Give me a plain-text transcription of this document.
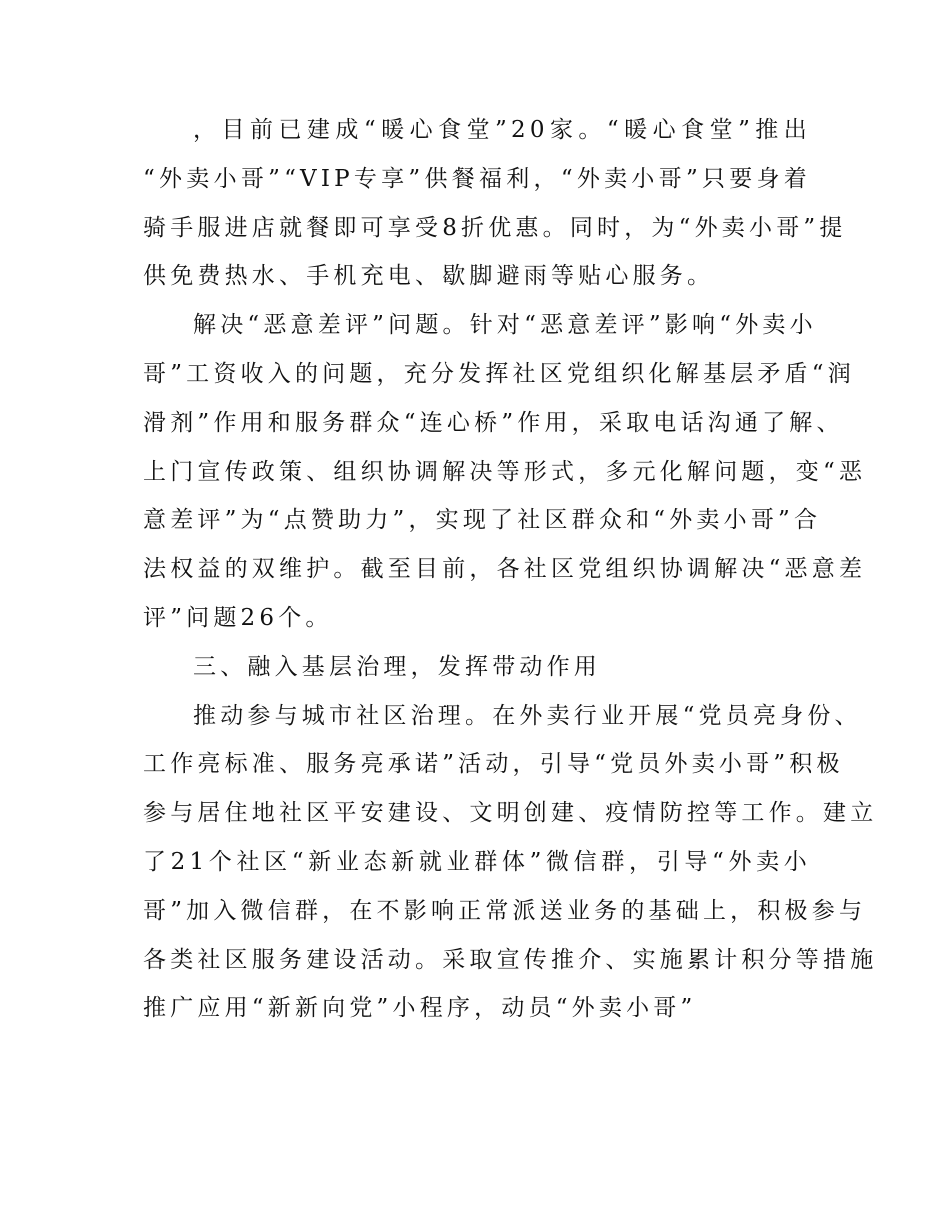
，目前已建成“暖心食堂”20家。“暖心食堂”推出
“外卖小哥”“VIP专享”供餐福利，“外卖小哥”只要身着
骑手服进店就餐即可享受8折优惠。同时，为“外卖小哥”提
供免费热水、手机充电、歇脚避雨等贴心服务。
解决“恶意差评”问题。针对“恶意差评”影响“外卖小
哥”工资收入的问题，充分发挥社区党组织化解基层矛盾“润
滑剂”作用和服务群众“连心桥”作用，采取电话沟通了解、
上门宣传政策、组织协调解决等形式，多元化解问题，变“恶
意差评”为“点赞助力”，实现了社区群众和“外卖小哥”合
法权益的双维护。截至目前，各社区党组织协调解决“恶意差
评”问题26个。
三、融入基层治理，发挥带动作用
推动参与城市社区治理。在外卖行业开展“党员亮身份、
工作亮标准、服务亮承诺”活动，引导“党员外卖小哥”积极
参与居住地社区平安建设、文明创建、疫情防控等工作。建立
了21个社区“新业态新就业群体”微信群，引导“外卖小
哥”加入微信群，在不影响正常派送业务的基础上，积极参与
各类社区服务建设活动。采取宣传推介、实施累计积分等措施
推广应用“新新向党”小程序，动员“外卖小哥”
